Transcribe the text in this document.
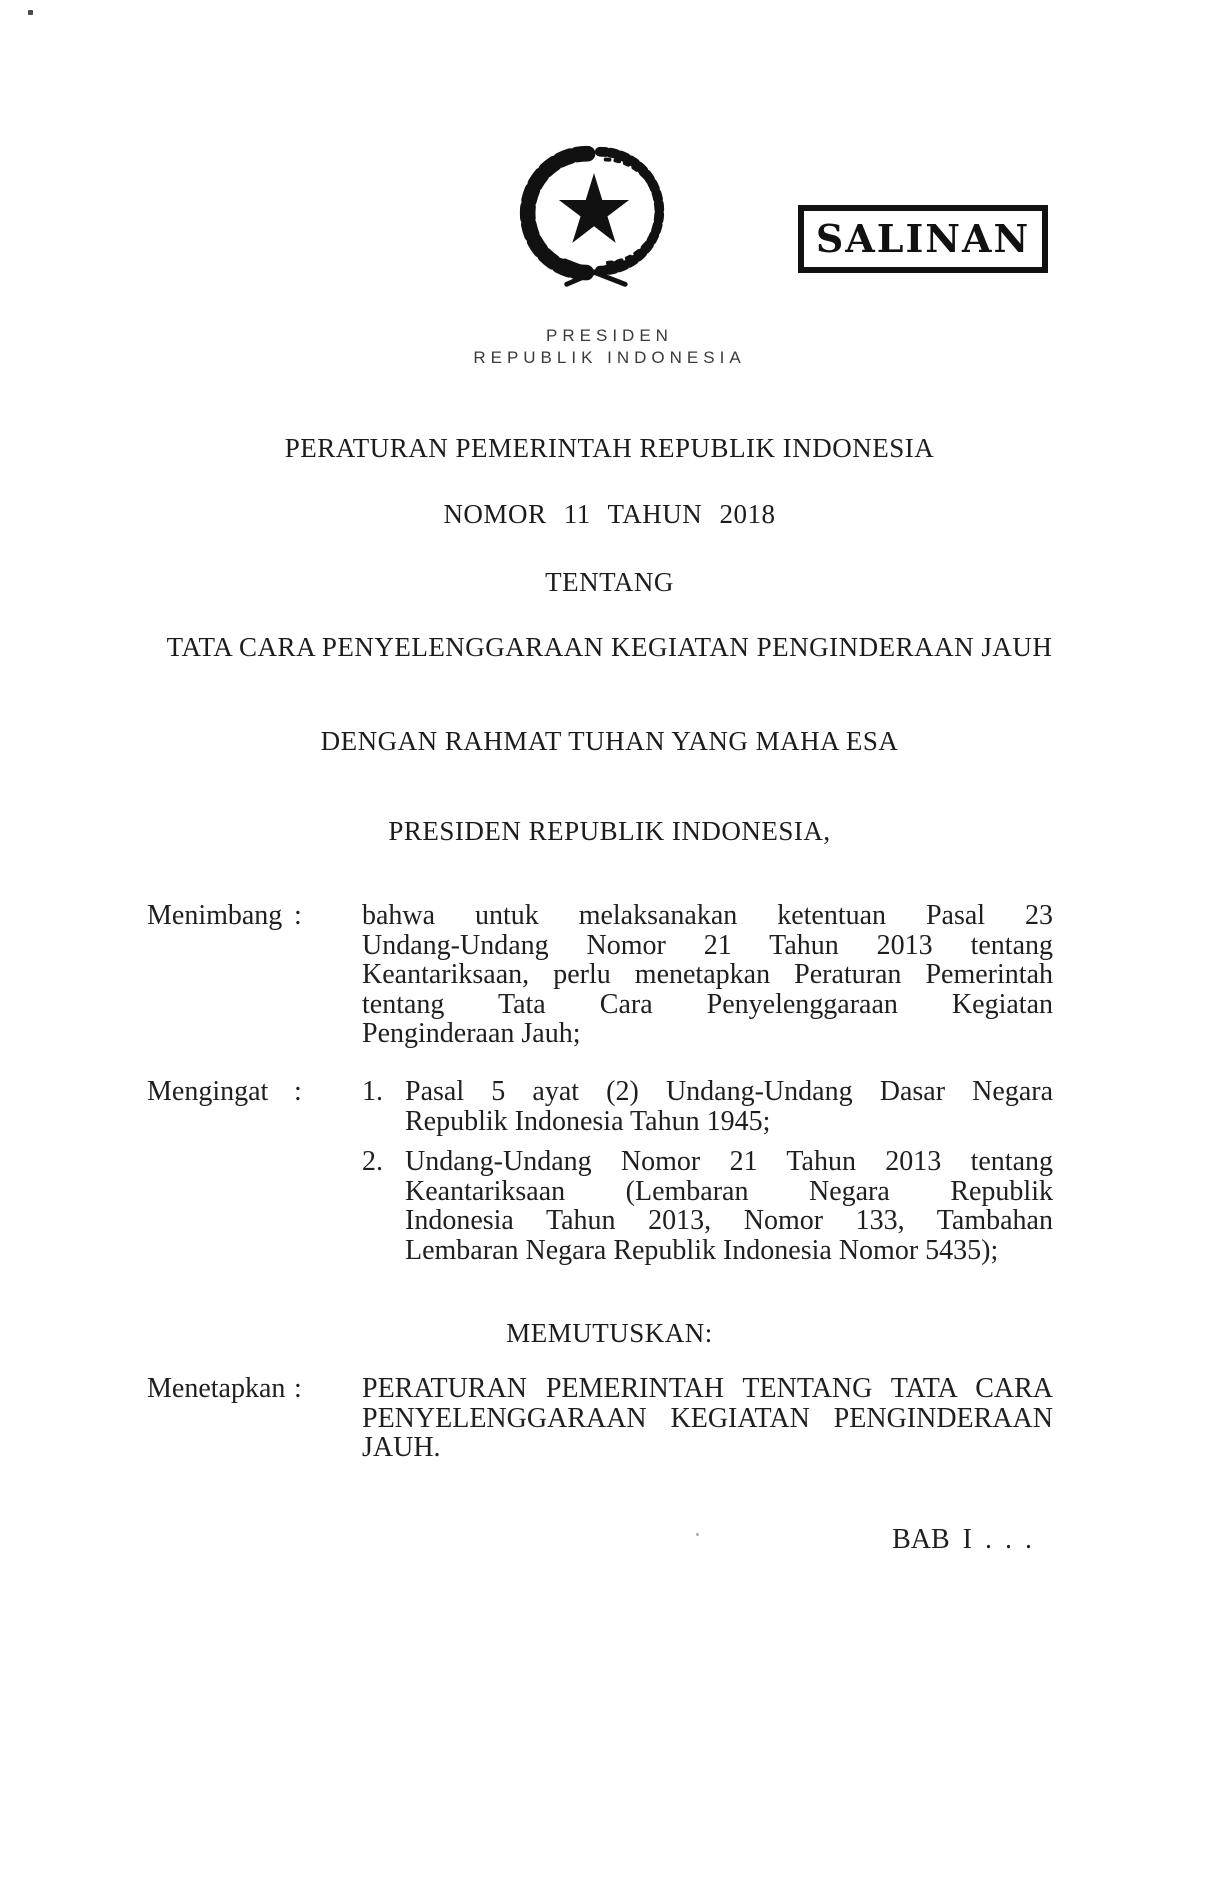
SALINAN
PRESIDEN
REPUBLIK INDONESIA
PERATURAN PEMERINTAH REPUBLIK INDONESIA
NOMOR 11 TAHUN 2018
TENTANG
TATA CARA PENYELENGGARAAN KEGIATAN PENGINDERAAN JAUH
DENGAN RAHMAT TUHAN YANG MAHA ESA
PRESIDEN REPUBLIK INDONESIA,
Menimbang : bahwa untuk melaksanakan ketentuan Pasal 23
Undang-Undang Nomor 21 Tahun 2013 tentang
Keantariksaan, perlu menetapkan Peraturan Pemerintah
tentang Tata Cara Penyelenggaraan Kegiatan
Penginderaan Jauh;
Mengingat : 1. Pasal 5 ayat (2) Undang-Undang Dasar Negara
Republik Indonesia Tahun 1945;
2. Undang-Undang Nomor 21 Tahun 2013 tentang
Keantariksaan (Lembaran Negara Republik
Indonesia Tahun 2013, Nomor 133, Tambahan
Lembaran Negara Republik Indonesia Nomor 5435);
MEMUTUSKAN:
Menetapkan : PERATURAN PEMERINTAH TENTANG TATA CARA
PENYELENGGARAAN KEGIATAN PENGINDERAAN
JAUH.
BAB I . . .
